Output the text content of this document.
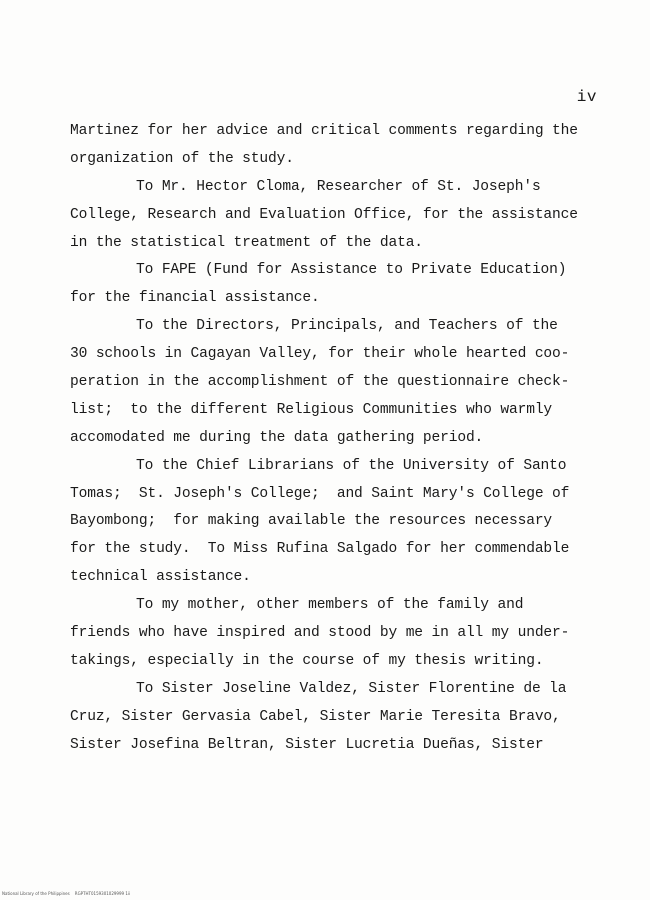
iv
Martinez for her advice and critical comments regarding the
organization of the study.
To Mr. Hector Cloma, Researcher of St. Joseph's
College, Research and Evaluation Office, for the assistance
in the statistical treatment of the data.
To FAPE (Fund for Assistance to Private Education)
for the financial assistance.
To the Directors, Principals, and Teachers of the
30 schools in Cagayan Valley, for their whole hearted coo-
peration in the accomplishment of the questionnaire check-
list;  to the different Religious Communities who warmly
accomodated me during the data gathering period.
To the Chief Librarians of the University of Santo
Tomas;  St. Joseph's College;  and Saint Mary's College of
Bayombong;  for making available the resources necessary
for the study.  To Miss Rufina Salgado for her commendable
technical assistance.
To my mother, other members of the family and
friends who have inspired and stood by me in all my under-
takings, especially in the course of my thesis writing.
To Sister Joseline Valdez, Sister Florentine de la
Cruz, Sister Gervasia Cabel, Sister Marie Teresita Bravo,
Sister Josefina Beltran, Sister Lucretia Dueñas, Sister
National Library of the Philippines    RGPTHT0159301029999 1ii
